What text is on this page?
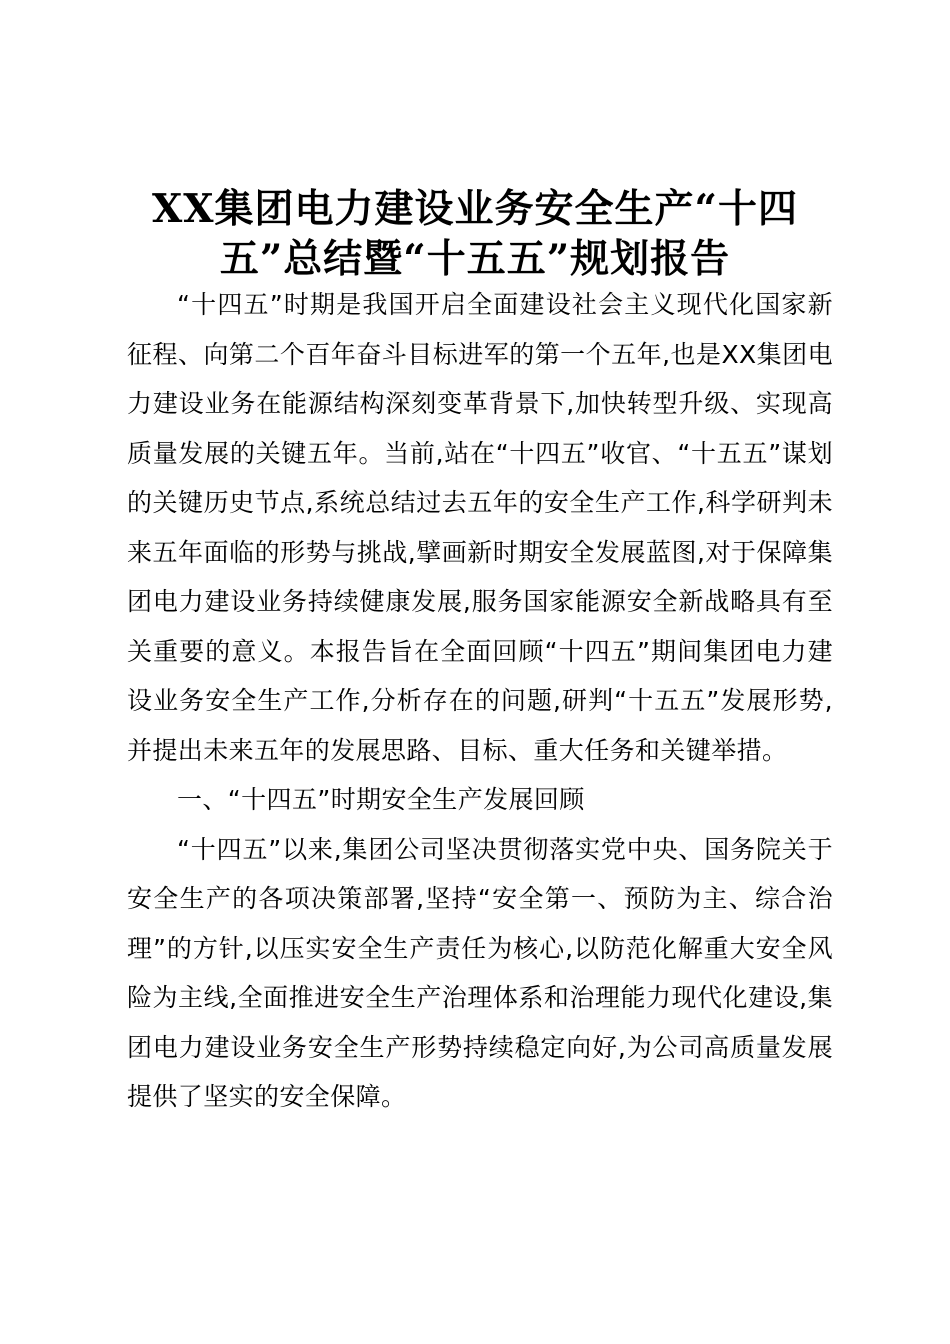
XX集团电力建设业务安全生产“十四
五”总结暨“十五五”规划报告

“十四五”时期是我国开启全面建设社会主义现代化国家新征程、向第二个百年奋斗目标进军的第一个五年,也是XX集团电力建设业务在能源结构深刻变革背景下,加快转型升级、实现高质量发展的关键五年。当前,站在“十四五”收官、“十五五”谋划的关键历史节点,系统总结过去五年的安全生产工作,科学研判未来五年面临的形势与挑战,擘画新时期安全发展蓝图,对于保障集团电力建设业务持续健康发展,服务国家能源安全新战略具有至关重要的意义。本报告旨在全面回顾“十四五”期间集团电力建设业务安全生产工作,分析存在的问题,研判“十五五”发展形势,并提出未来五年的发展思路、目标、重大任务和关键举措。

一、“十四五”时期安全生产发展回顾

“十四五”以来,集团公司坚决贯彻落实党中央、国务院关于安全生产的各项决策部署,坚持“安全第一、预防为主、综合治理”的方针,以压实安全生产责任为核心,以防范化解重大安全风险为主线,全面推进安全生产治理体系和治理能力现代化建设,集团电力建设业务安全生产形势持续稳定向好,为公司高质量发展提供了坚实的安全保障。
